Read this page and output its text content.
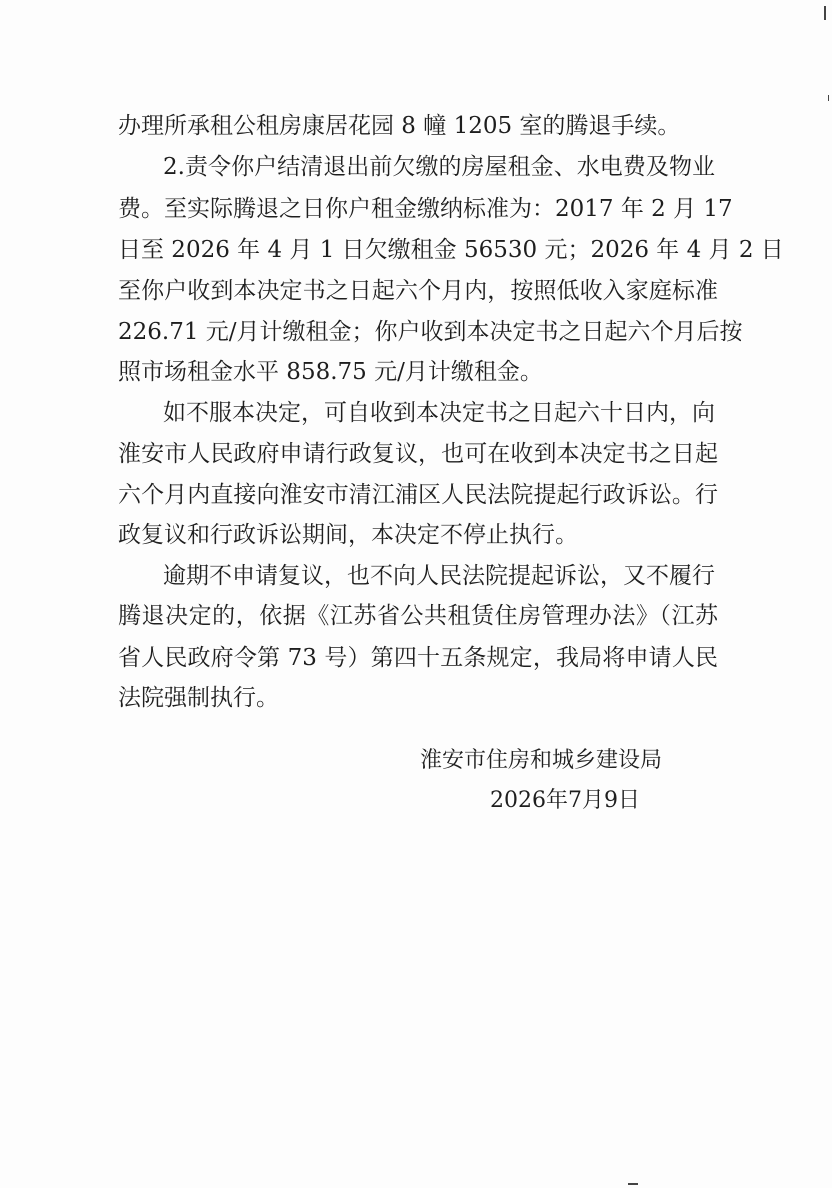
办理所承租公租房康居花园 8 幢 1205 室的腾退手续。
2.责令你户结清退出前欠缴的房屋租金、水电费及物业
费。至实际腾退之日你户租金缴纳标准为：2017 年 2 月 17
日至 2026 年 4 月 1 日欠缴租金 56530 元；2026 年 4 月 2 日
至你户收到本决定书之日起六个月内，按照低收入家庭标准
226.71 元/月计缴租金；你户收到本决定书之日起六个月后按
照市场租金水平 858.75 元/月计缴租金。
如不服本决定，可自收到本决定书之日起六十日内，向
淮安市人民政府申请行政复议，也可在收到本决定书之日起
六个月内直接向淮安市清江浦区人民法院提起行政诉讼。行
政复议和行政诉讼期间，本决定不停止执行。
逾期不申请复议，也不向人民法院提起诉讼，又不履行
腾退决定的，依据《江苏省公共租赁住房管理办法》（江苏
省人民政府令第 73 号）第四十五条规定，我局将申请人民
法院强制执行。
淮安市住房和城乡建设局
2026年7月9日
